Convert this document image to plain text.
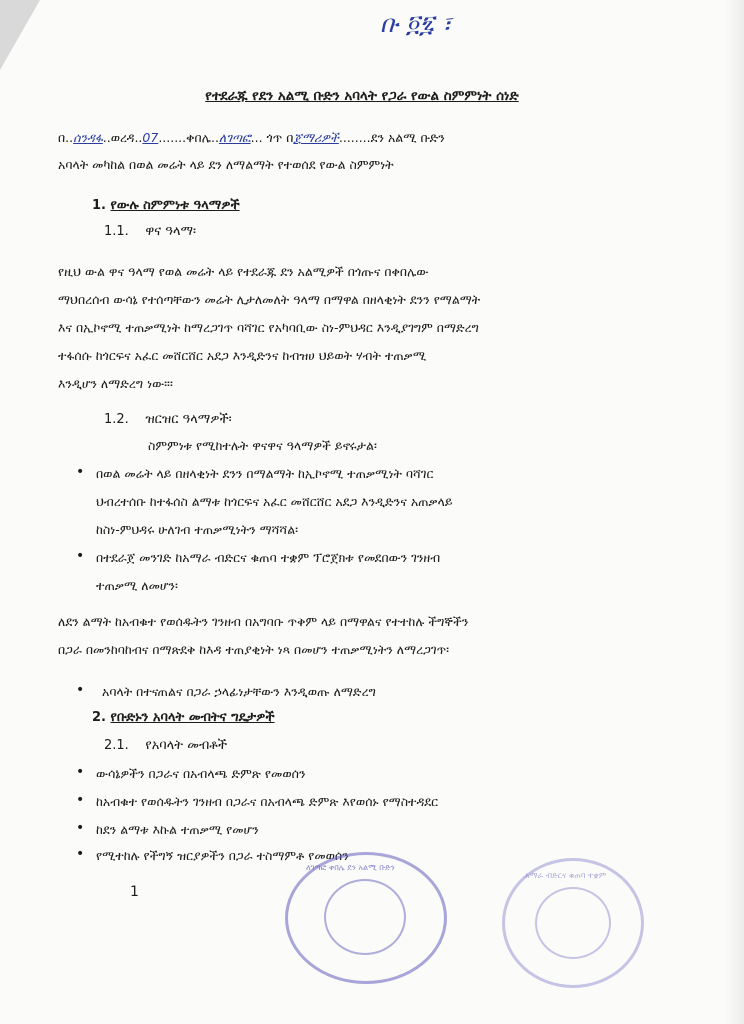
ቡ ፬፯ ፣
የተደራጁ የደን አልሚ ቡድን አባላት የጋራ የውል ስምምነት ሰነድ
በ..ሰንዳፋ..ወረዳ..07.......ቀበሌ..ለገጣፎ... ጎጥ በጀማሪዎች........ደን አልሚ ቡድን
አባላት መካከል በወል መሬት ላይ ደን ለማልማት የተወሰደ የውል ስምምነት
1. የውሉ ስምምነቱ ዓላማዎች
1.1. ዋና ዓላማ፡
የዚህ ውል ዋና ዓላማ የወል መሬት ላይ የተደራጁ ደን አልሚዎች በጎጡና በቀበሌው
ማህበረሰብ ውሳኔ የተሰጣቸውን መሬት ሊታለመለት ዓላማ በማዋል በዘላቂነት ደንን የማልማት
እና በኢኮኖሚ ተጠቃሚነት ከማረጋገጥ ባሻገር የአካባቢው ስነ-ምህዳር እንዲያገግም በማድረግ
ተፋሰሱ ከጎርፍና አፈር መሸርሸር አደጋ እንዲድንና ከብዝሀ ህይወት ሃብት ተጠቃሚ
እንዲሆን ለማድረግ ነው፡፡፡
1.2. ዝርዝር ዓላማዎች፡
ስምምነቱ የሚከተሉት ዋናዋና ዓላማዎች ይኖሩታል፡
• በወል መሬት ላይ በዘላቂነት ደንን በማልማት ከኢኮኖሚ ተጠቃሚነት ባሻገር
ህብረተሰቡ ከተፋሰስ ልማቱ ከጎርፍና አፈር መሸርሸር አደጋ እንዲድንና አጠቃላይ
ከስነ-ምህዳሩ ሁለገብ ተጠቃሚነትን ማሻሻል፡
• በተደራጀ መንገድ ከአማራ ብድርና ቁጠባ ተቋም ፕሮጀክቱ የመደበውን ገንዘብ
ተጠቃሚ ለመሆን፡
ለደን ልማት ከአብቁተ የወሰዱትን ገንዘብ በአግባቡ ጥቅም ላይ በማዋልና የተተከሉ ችግኞችን
በጋራ በመንከባከብና በማጽደቅ ከእዳ ተጠያቂነት ነጻ በመሆን ተጠቃሚነትን ለማረጋገጥ፡
• አባላት በተናጠልና በጋራ ኃላፊነታቸውን እንዲወጡ ለማድረግ
2. የቡድኑን አባላት መብትና ግዴታዎች
2.1. የአባላት መብቶች
• ውሳኔዎችን በጋራና በአብላጫ ድምጽ የመወሰን
• ከአብቁተ የወሰዱትን ገንዘብ በጋራና በአብላጫ ድምጽ እየወሰኑ የማስተዳደር
• ከደን ልማቱ እኩል ተጠቃሚ የመሆን
• የሚተከሉ የችግኝ ዝርያዎችን በጋራ ተስማምቶ የመወሰን
1
ለገጣፎ ቀበሌ ደን አልሚ ቡድን
አማራ ብድርና ቁጠባ ተቋም
